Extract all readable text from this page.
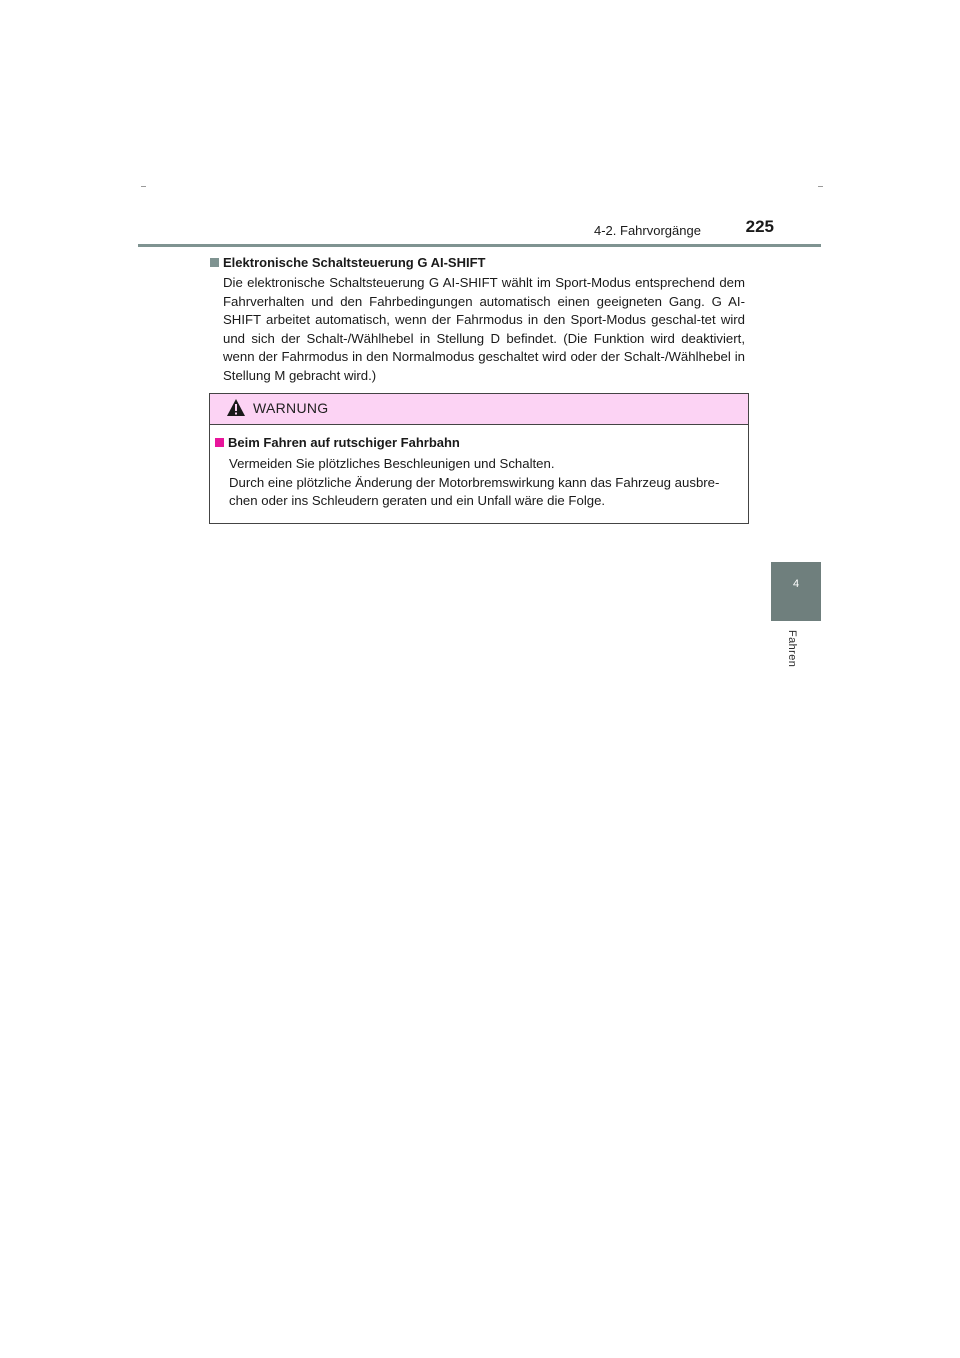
4-2. Fahrvorgänge	225
4
Fahren
Elektronische Schaltsteuerung G AI-SHIFT

Die elektronische Schaltsteuerung G AI-SHIFT wählt im Sport-Modus entsprechend dem Fahrverhalten und den Fahrbedingungen automatisch einen geeigneten Gang. G AI-SHIFT arbeitet automatisch, wenn der Fahrmodus in den Sport-Modus geschal-tet wird und sich der Schalt-/Wählhebel in Stellung D befindet. (Die Funktion wird deaktiviert, wenn der Fahrmodus in den Normalmodus geschaltet wird oder der Schalt-/Wählhebel in Stellung M gebracht wird.)

WARNUNG
Beim Fahren auf rutschiger Fahrbahn

Vermeiden Sie plötzliches Beschleunigen und Schalten.
Durch eine plötzliche Änderung der Motorbremswirkung kann das Fahrzeug ausbre-chen oder ins Schleudern geraten und ein Unfall wäre die Folge.
